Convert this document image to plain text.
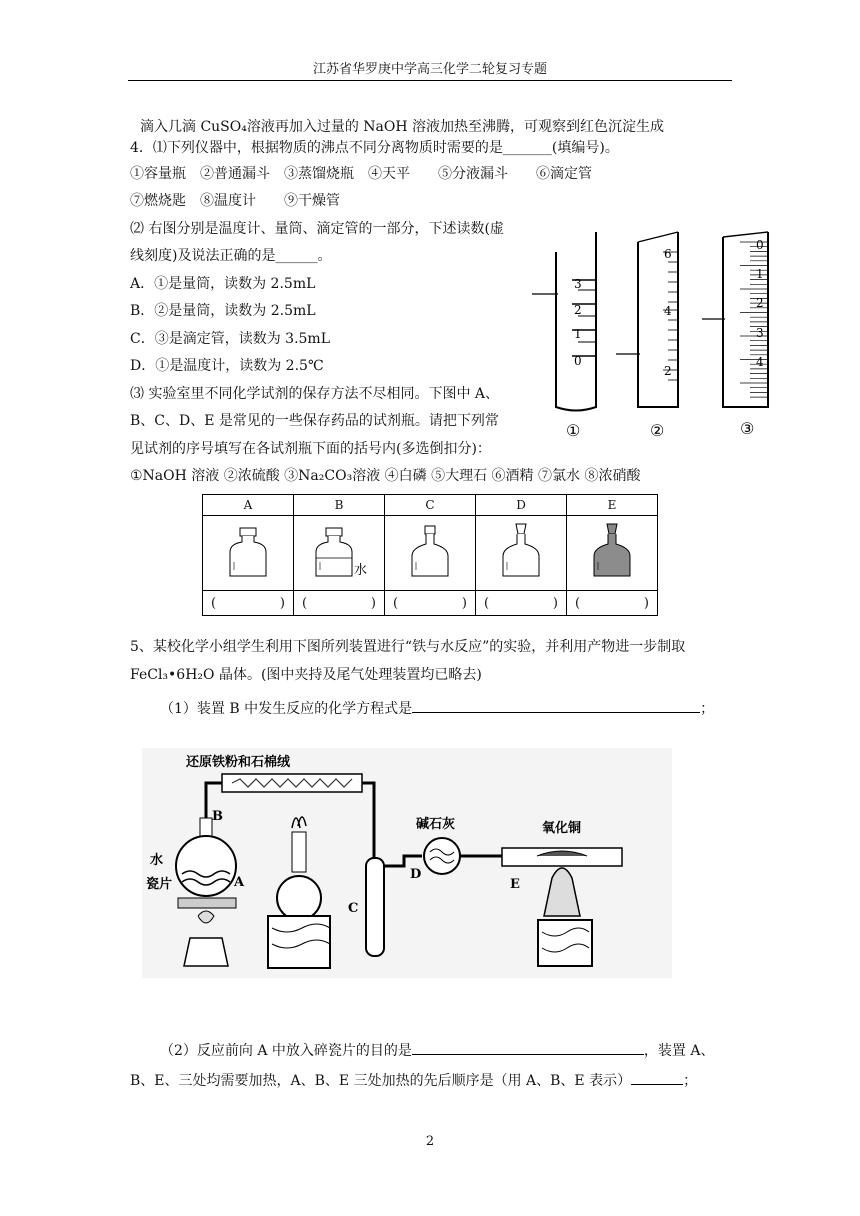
江苏省华罗庚中学高三化学二轮复习专题
滴入几滴 CuSO₄溶液再加入过量的 NaOH 溶液加热至沸腾，可观察到红色沉淀生成
4．⑴下列仪器中，根据物质的沸点不同分离物质时需要的是_______(填编号)。
①容量瓶　②普通漏斗　③蒸馏烧瓶　④天平　　⑤分液漏斗　　⑥滴定管
⑦燃烧匙　⑧温度计　　⑨干燥管
⑵ 右图分别是温度计、量筒、滴定管的一部分，下述读数(虚
线刻度)及说法正确的是______。
A．①是量筒，读数为 2.5mL
B．②是量筒，读数为 2.5mL
C．③是滴定管，读数为 3.5mL
D．①是温度计，读数为 2.5℃
⑶ 实验室里不同化学试剂的保存方法不尽相同。下图中 A、
B、C、D、E 是常见的一些保存药品的试剂瓶。请把下列常
见试剂的序号填写在各试剂瓶下面的括号内(多选倒扣分)：
①NaOH 溶液 ②浓硫酸 ③Na₂CO₃溶液 ④白磷 ⑤大理石 ⑥酒精 ⑦氯水 ⑧浓硝酸
3
2
1
0
①
6
4
2
②
0
1
2
3
4
③
A	B	C	D	E

水

( )	( )	( )	( )	( )
5、某校化学小组学生利用下图所列装置进行“铁与水反应”的实验，并利用产物进一步制取
FeCl₃•6H₂O 晶体。(图中夹持及尾气处理装置均已略去)
（1）装置 B 中发生反应的化学方程式是	；
还原铁粉和石棉绒
B
水
瓷片	A
C
D
碱石灰	氧化铜
E
（2）反应前向 A 中放入碎瓷片的目的是	，装置 A、
B、E、三处均需要加热，A、B、E 三处加热的先后顺序是（用 A、B、E 表示）	；
2
